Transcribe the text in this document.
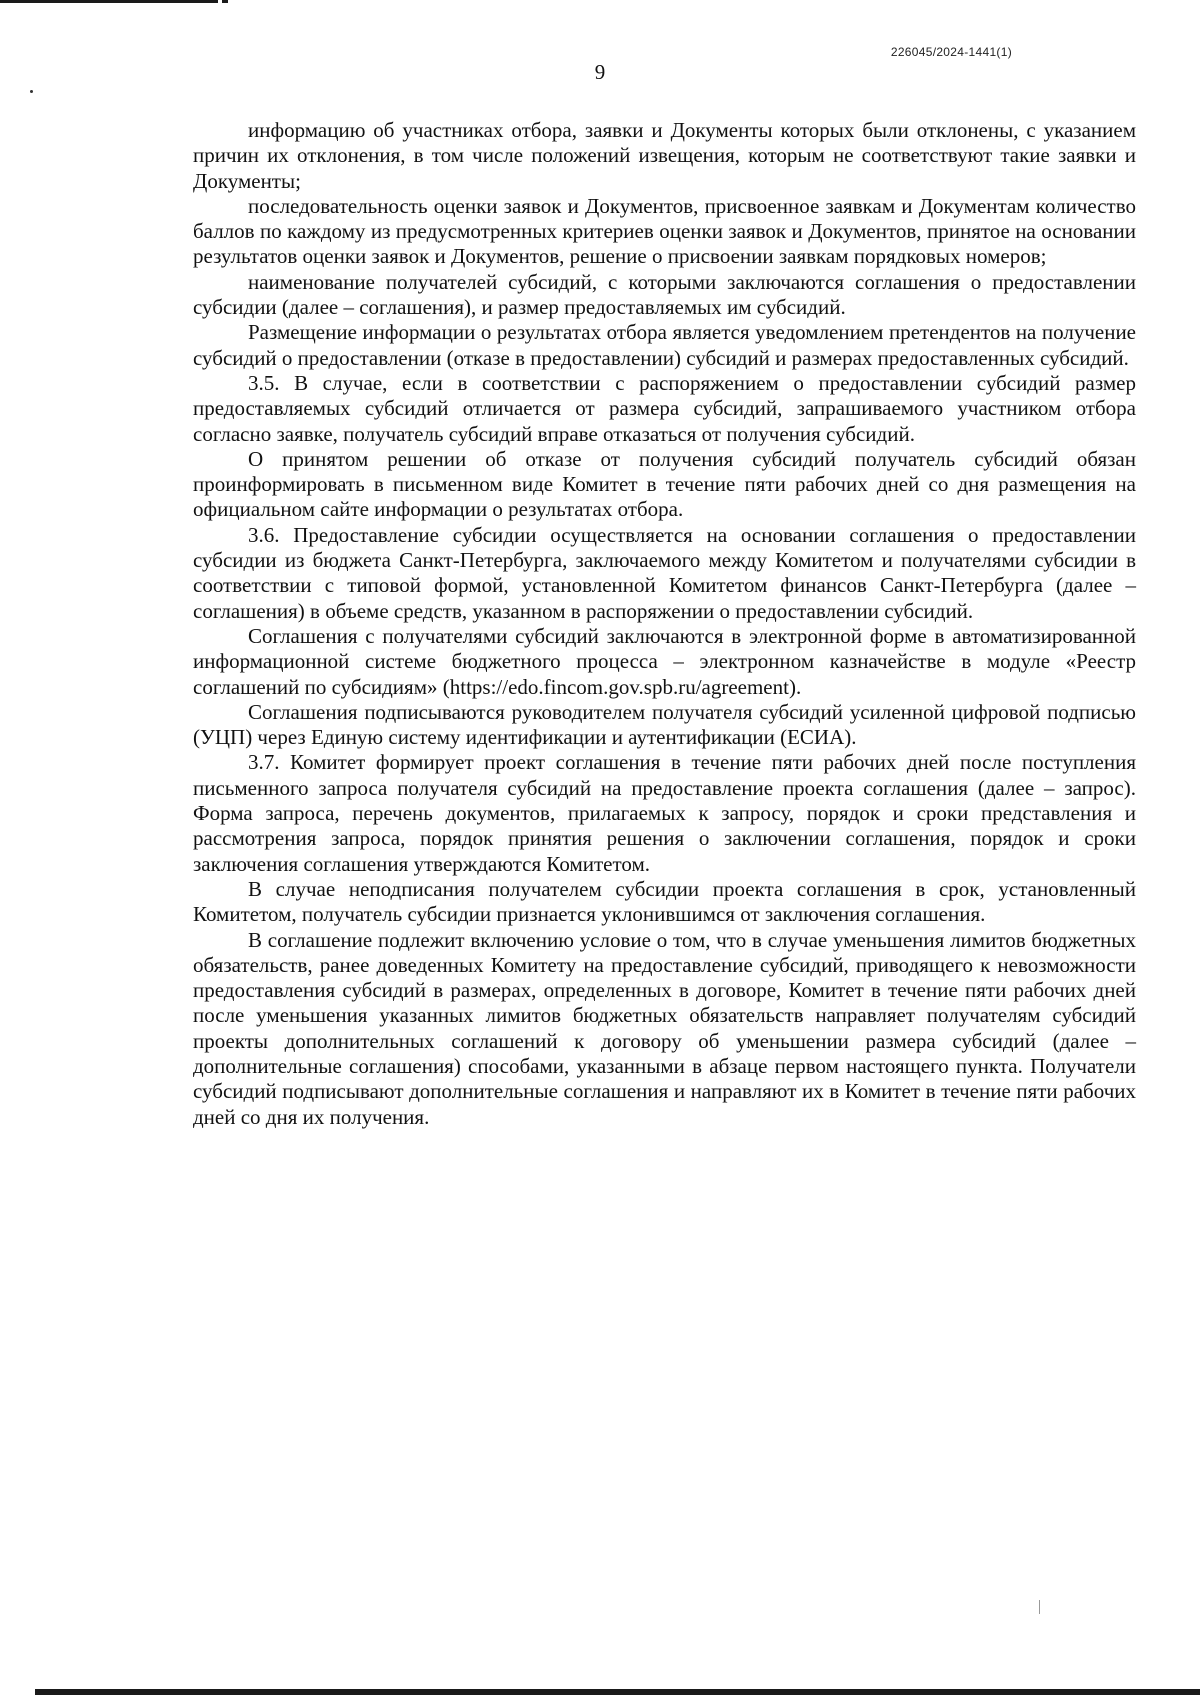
226045/2024-1441(1)
9

информацию об участниках отбора, заявки и Документы которых были отклонены, с указанием причин их отклонения, в том числе положений извещения, которым не соответствуют такие заявки и Документы;

последовательность оценки заявок и Документов, присвоенное заявкам и Документам количество баллов по каждому из предусмотренных критериев оценки заявок и Документов, принятое на основании результатов оценки заявок и Документов, решение о присвоении заявкам порядковых номеров;

наименование получателей субсидий, с которыми заключаются соглашения о предоставлении субсидии (далее – соглашения), и размер предоставляемых им субсидий.

Размещение информации о результатах отбора является уведомлением претендентов на получение субсидий о предоставлении (отказе в предоставлении) субсидий и размерах предоставленных субсидий.

3.5. В случае, если в соответствии с распоряжением о предоставлении субсидий размер предоставляемых субсидий отличается от размера субсидий, запрашиваемого участником отбора согласно заявке, получатель субсидий вправе отказаться от получения субсидий.

О принятом решении об отказе от получения субсидий получатель субсидий обязан проинформировать в письменном виде Комитет в течение пяти рабочих дней со дня размещения на официальном сайте информации о результатах отбора.

3.6. Предоставление субсидии осуществляется на основании соглашения о предоставлении субсидии из бюджета Санкт-Петербурга, заключаемого между Комитетом и получателями субсидии в соответствии с типовой формой, установленной Комитетом финансов Санкт-Петербурга (далее – соглашения) в объеме средств, указанном в распоряжении о предоставлении субсидий.

Соглашения с получателями субсидий заключаются в электронной форме в автоматизированной информационной системе бюджетного процесса – электронном казначействе в модуле «Реестр соглашений по субсидиям» (https://edo.fincom.gov.spb.ru/agreement).

Соглашения подписываются руководителем получателя субсидий усиленной цифровой подписью (УЦП) через Единую систему идентификации и аутентификации (ЕСИА).

3.7. Комитет формирует проект соглашения в течение пяти рабочих дней после поступления письменного запроса получателя субсидий на предоставление проекта соглашения (далее – запрос). Форма запроса, перечень документов, прилагаемых к запросу, порядок и сроки представления и рассмотрения запроса, порядок принятия решения о заключении соглашения, порядок и сроки заключения соглашения утверждаются Комитетом.

В случае неподписания получателем субсидии проекта соглашения в срок, установленный Комитетом, получатель субсидии признается уклонившимся от заключения соглашения.

В соглашение подлежит включению условие о том, что в случае уменьшения лимитов бюджетных обязательств, ранее доведенных Комитету на предоставление субсидий, приводящего к невозможности предоставления субсидий в размерах, определенных в договоре, Комитет в течение пяти рабочих дней после уменьшения указанных лимитов бюджетных обязательств направляет получателям субсидий проекты дополнительных соглашений к договору об уменьшении размера субсидий (далее – дополнительные соглашения) способами, указанными в абзаце первом настоящего пункта. Получатели субсидий подписывают дополнительные соглашения и направляют их в Комитет в течение пяти рабочих дней со дня их получения.
